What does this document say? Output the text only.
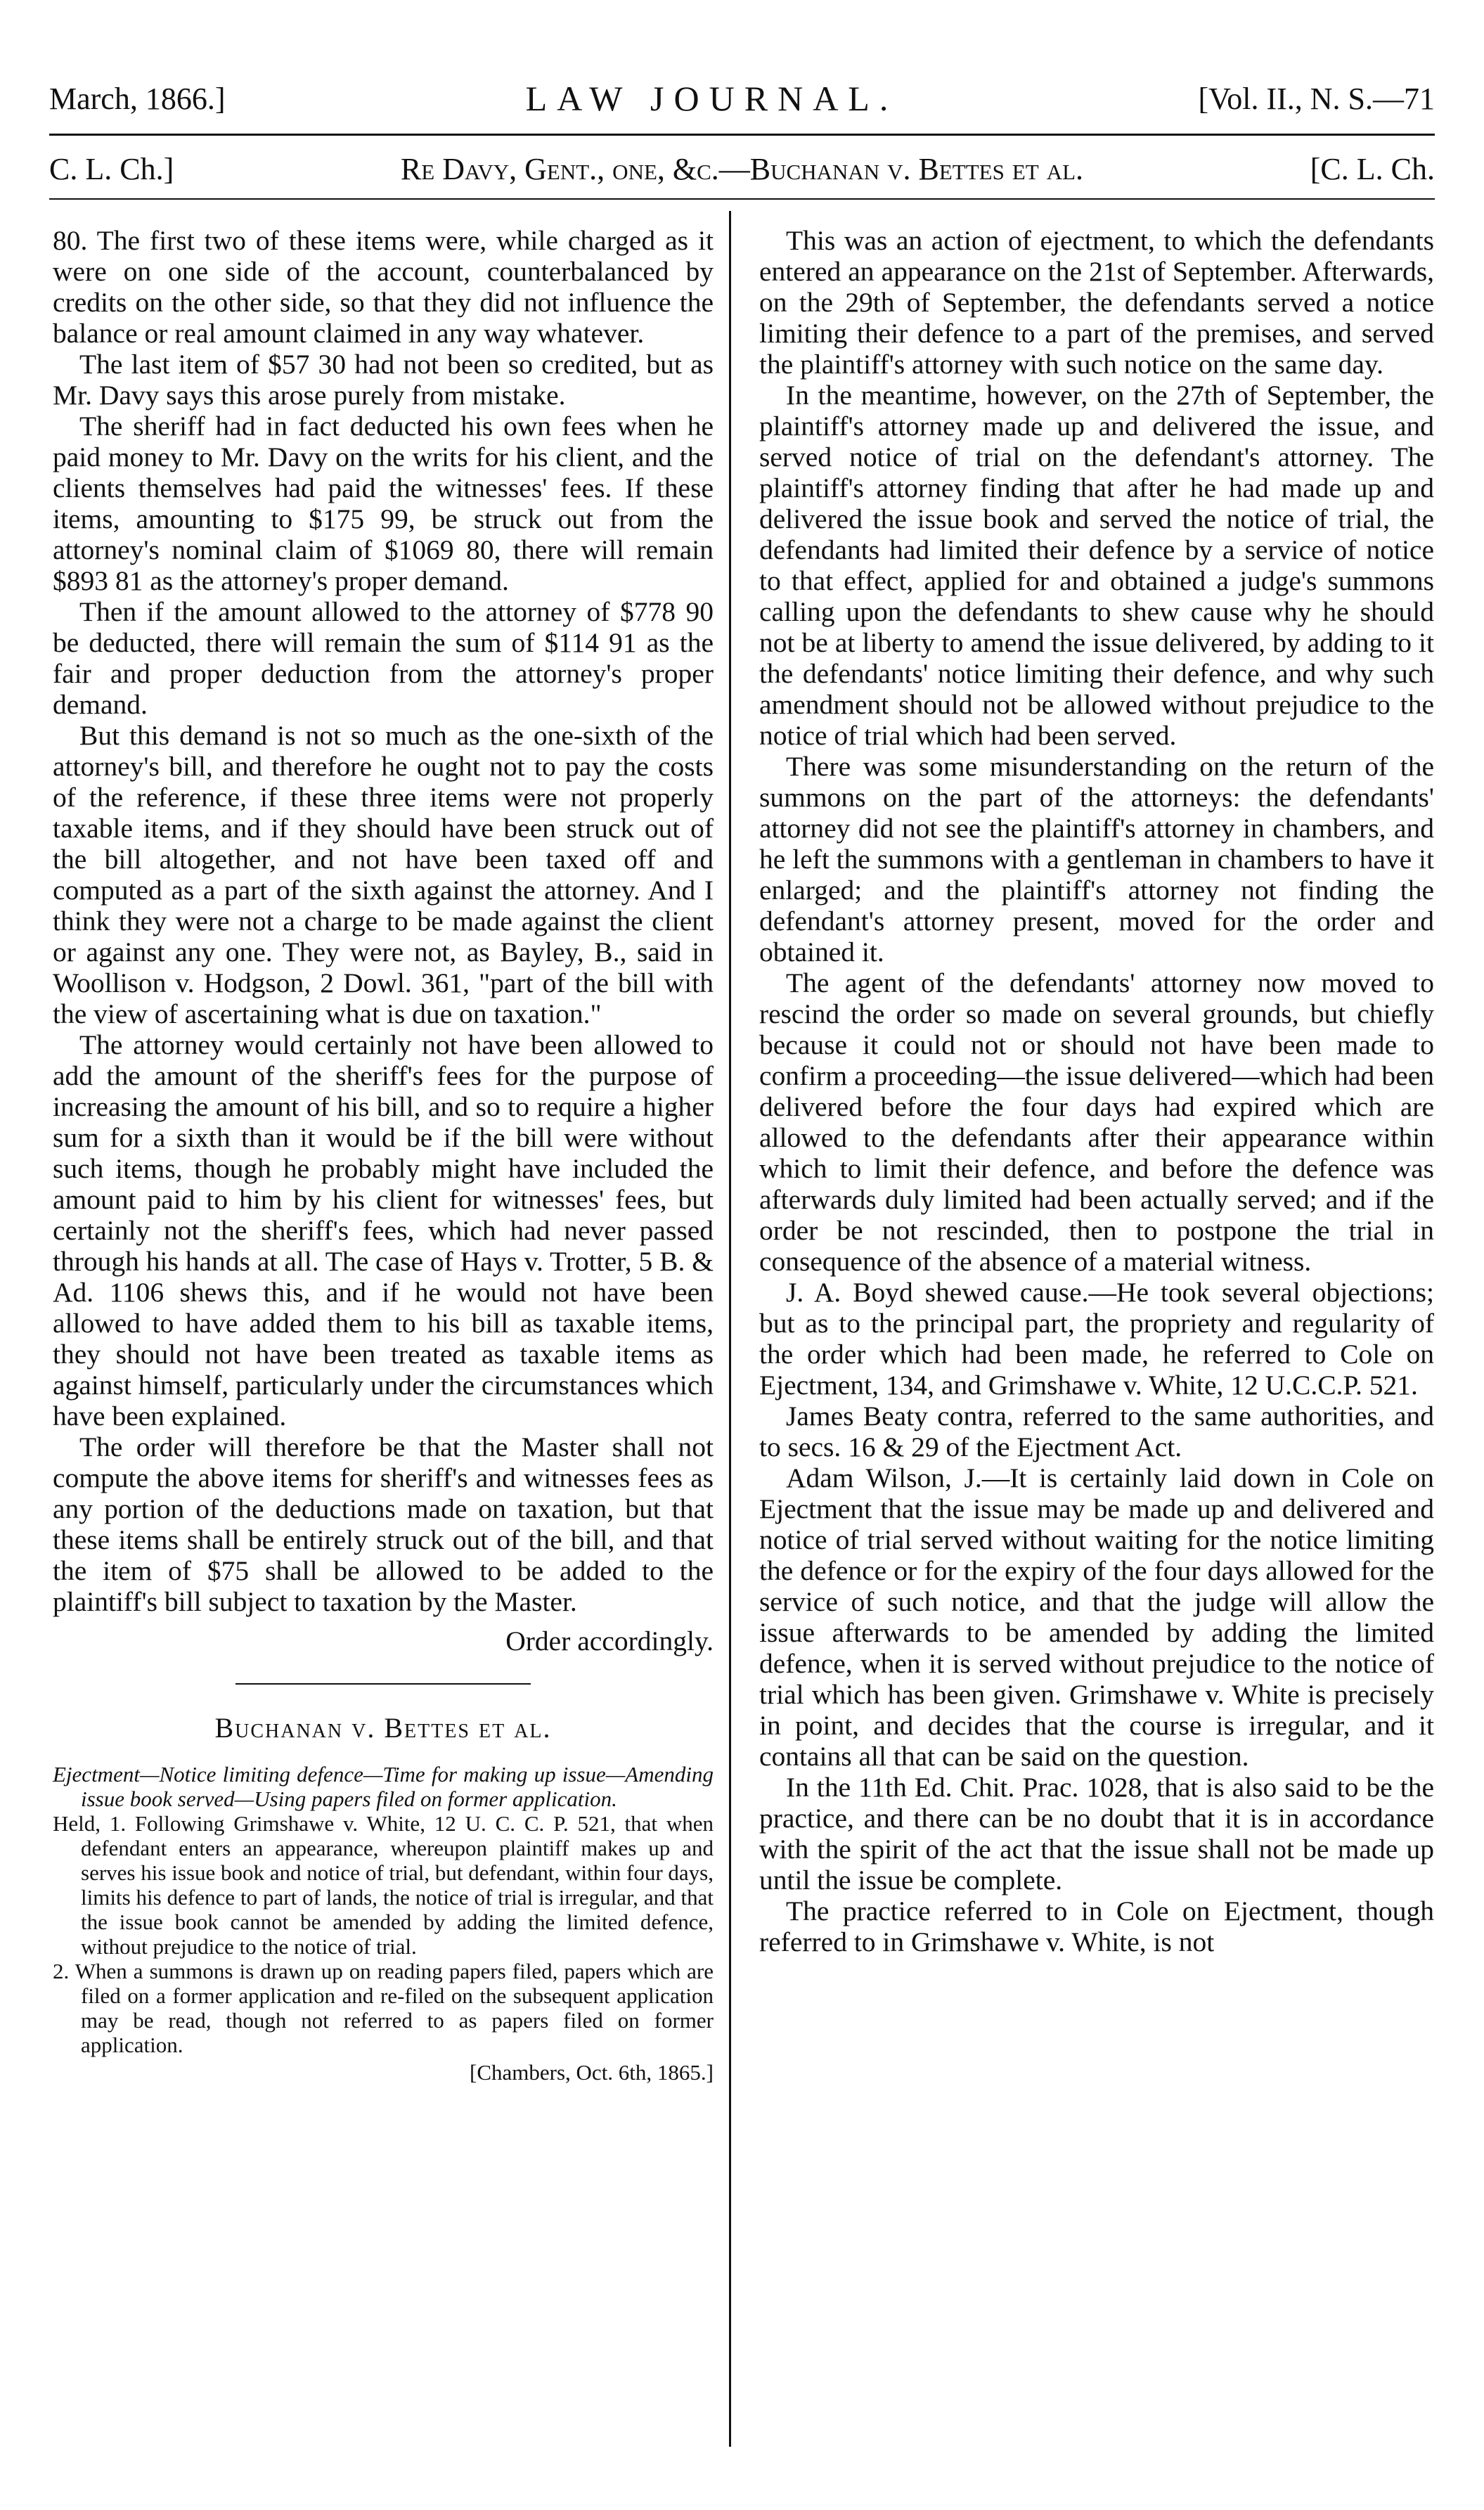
March, 1866.]	LAW JOURNAL.	[Vol. II., N. S.—71
C. L. Ch.]	Re Davy, Gent., one, &c.—Buchanan v. Bettes et al.	[C. L. Ch.

80. The first two of these items were, while charged as it were on one side of the account, counterbalanced by credits on the other side, so that they did not influence the balance or real amount claimed in any way whatever.

The last item of $57 30 had not been so credited, but as Mr. Davy says this arose purely from mistake.

The sheriff had in fact deducted his own fees when he paid money to Mr. Davy on the writs for his client, and the clients themselves had paid the witnesses' fees. If these items, amounting to $175 99, be struck out from the attorney's nominal claim of $1069 80, there will remain $893 81 as the attorney's proper demand.

Then if the amount allowed to the attorney of $778 90 be deducted, there will remain the sum of $114 91 as the fair and proper deduction from the attorney's proper demand.

But this demand is not so much as the one-sixth of the attorney's bill, and therefore he ought not to pay the costs of the reference, if these three items were not properly taxable items, and if they should have been struck out of the bill altogether, and not have been taxed off and computed as a part of the sixth against the attorney. And I think they were not a charge to be made against the client or against any one. They were not, as Bayley, B., said in Woollison v. Hodgson, 2 Dowl. 361, "part of the bill with the view of ascertaining what is due on taxation."

The attorney would certainly not have been allowed to add the amount of the sheriff's fees for the purpose of increasing the amount of his bill, and so to require a higher sum for a sixth than it would be if the bill were without such items, though he probably might have included the amount paid to him by his client for witnesses' fees, but certainly not the sheriff's fees, which had never passed through his hands at all. The case of Hays v. Trotter, 5 B. & Ad. 1106 shews this, and if he would not have been allowed to have added them to his bill as taxable items, they should not have been treated as taxable items as against himself, particularly under the circumstances which have been explained.

The order will therefore be that the Master shall not compute the above items for sheriff's and witnesses fees as any portion of the deductions made on taxation, but that these items shall be entirely struck out of the bill, and that the item of $75 shall be allowed to be added to the plaintiff's bill subject to taxation by the Master.

Order accordingly.
Buchanan v. Bettes et al.

Ejectment—Notice limiting defence—Time for making up issue—Amending issue book served—Using papers filed on former application.

Held, 1. Following Grimshawe v. White, 12 U. C. C. P. 521, that when defendant enters an appearance, whereupon plaintiff makes up and serves his issue book and notice of trial, but defendant, within four days, limits his defence to part of lands, the notice of trial is irregular, and that the issue book cannot be amended by adding the limited defence, without prejudice to the notice of trial.

2. When a summons is drawn up on reading papers filed, papers which are filed on a former application and re-filed on the subsequent application may be read, though not referred to as papers filed on former application.

[Chambers, Oct. 6th, 1865.]

This was an action of ejectment, to which the defendants entered an appearance on the 21st of September. Afterwards, on the 29th of September, the defendants served a notice limiting their defence to a part of the premises, and served the plaintiff's attorney with such notice on the same day.

In the meantime, however, on the 27th of September, the plaintiff's attorney made up and delivered the issue, and served notice of trial on the defendant's attorney. The plaintiff's attorney finding that after he had made up and delivered the issue book and served the notice of trial, the defendants had limited their defence by a service of notice to that effect, applied for and obtained a judge's summons calling upon the defendants to shew cause why he should not be at liberty to amend the issue delivered, by adding to it the defendants' notice limiting their defence, and why such amendment should not be allowed without prejudice to the notice of trial which had been served.

There was some misunderstanding on the return of the summons on the part of the attorneys: the defendants' attorney did not see the plaintiff's attorney in chambers, and he left the summons with a gentleman in chambers to have it enlarged; and the plaintiff's attorney not finding the defendant's attorney present, moved for the order and obtained it.

The agent of the defendants' attorney now moved to rescind the order so made on several grounds, but chiefly because it could not or should not have been made to confirm a proceeding—the issue delivered—which had been delivered before the four days had expired which are allowed to the defendants after their appearance within which to limit their defence, and before the defence was afterwards duly limited had been actually served; and if the order be not rescinded, then to postpone the trial in consequence of the absence of a material witness.

J. A. Boyd shewed cause.—He took several objections; but as to the principal part, the propriety and regularity of the order which had been made, he referred to Cole on Ejectment, 134, and Grimshawe v. White, 12 U.C.C.P. 521.

James Beaty contra, referred to the same authorities, and to secs. 16 & 29 of the Ejectment Act.

Adam Wilson, J.—It is certainly laid down in Cole on Ejectment that the issue may be made up and delivered and notice of trial served without waiting for the notice limiting the defence or for the expiry of the four days allowed for the service of such notice, and that the judge will allow the issue afterwards to be amended by adding the limited defence, when it is served without prejudice to the notice of trial which has been given. Grimshawe v. White is precisely in point, and decides that the course is irregular, and it contains all that can be said on the question.

In the 11th Ed. Chit. Prac. 1028, that is also said to be the practice, and there can be no doubt that it is in accordance with the spirit of the act that the issue shall not be made up until the issue be complete.

The practice referred to in Cole on Ejectment, though referred to in Grimshawe v. White, is not
